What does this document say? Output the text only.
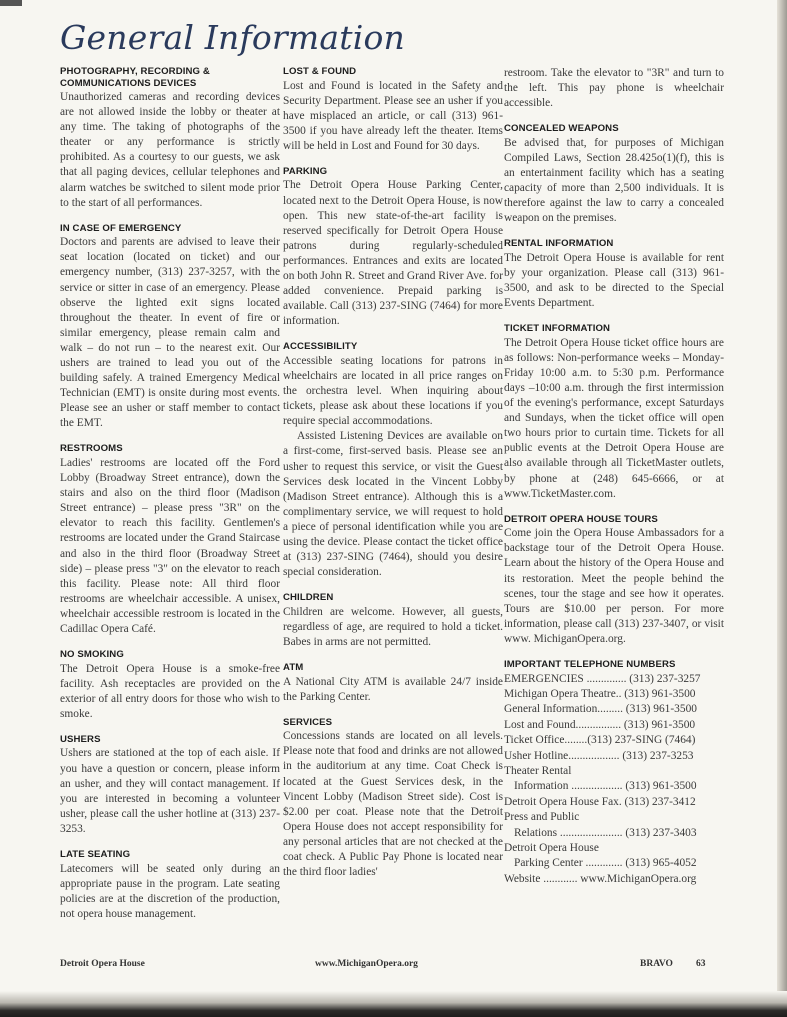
General Information
PHOTOGRAPHY, RECORDING & COMMUNICATIONS DEVICES

Unauthorized cameras and recording devices are not allowed inside the lobby or theater at any time. The taking of photographs of the theater or any performance is strictly prohibited. As a courtesy to our guests, we ask that all paging devices, cellular telephones and alarm watches be switched to silent mode prior to the start of all performances.

IN CASE OF EMERGENCY

Doctors and parents are advised to leave their seat location (located on ticket) and our emergency number, (313) 237-3257, with the service or sitter in case of an emergency. Please observe the lighted exit signs located throughout the theater. In event of fire or similar emergency, please remain calm and walk – do not run – to the nearest exit. Our ushers are trained to lead you out of the building safely. A trained Emergency Medical Technician (EMT) is onsite during most events. Please see an usher or staff member to contact the EMT.

RESTROOMS

Ladies' restrooms are located off the Ford Lobby (Broadway Street entrance), down the stairs and also on the third floor (Madison Street entrance) – please press "3R" on the elevator to reach this facility. Gentlemen's restrooms are located under the Grand Staircase and also in the third floor (Broadway Street side) – please press "3" on the elevator to reach this facility. Please note: All third floor restrooms are wheelchair accessible. A unisex, wheelchair accessible restroom is located in the Cadillac Opera Café.

NO SMOKING

The Detroit Opera House is a smoke-free facility. Ash receptacles are provided on the exterior of all entry doors for those who wish to smoke.

USHERS

Ushers are stationed at the top of each aisle. If you have a question or concern, please inform an usher, and they will contact management. If you are interested in becoming a volunteer usher, please call the usher hotline at (313) 237-3253.

LATE SEATING

Latecomers will be seated only during an appropriate pause in the program. Late seating policies are at the discretion of the production, not opera house management.

LOST & FOUND

Lost and Found is located in the Safety and Security Department. Please see an usher if you have misplaced an article, or call (313) 961-3500 if you have already left the theater. Items will be held in Lost and Found for 30 days.

PARKING

The Detroit Opera House Parking Center, located next to the Detroit Opera House, is now open. This new state-of-the-art facility is reserved specifically for Detroit Opera House patrons during regularly-scheduled performances. Entrances and exits are located on both John R. Street and Grand River Ave. for added convenience. Prepaid parking is available. Call (313) 237-SING (7464) for more information.

ACCESSIBILITY

Accessible seating locations for patrons in wheelchairs are located in all price ranges on the orchestra level. When inquiring about tickets, please ask about these locations if you require special accommodations.

Assisted Listening Devices are available on a first-come, first-served basis. Please see an usher to request this service, or visit the Guest Services desk located in the Vincent Lobby (Madison Street entrance). Although this is a complimentary service, we will request to hold a piece of personal identification while you are using the device. Please contact the ticket office at (313) 237-SING (7464), should you desire special consideration.

CHILDREN

Children are welcome. However, all guests, regardless of age, are required to hold a ticket. Babes in arms are not permitted.

ATM

A National City ATM is available 24/7 inside the Parking Center.

SERVICES

Concessions stands are located on all levels. Please note that food and drinks are not allowed in the auditorium at any time. Coat Check is located at the Guest Services desk, in the Vincent Lobby (Madison Street side). Cost is $2.00 per coat. Please note that the Detroit Opera House does not accept responsibility for any personal articles that are not checked at the coat check. A Public Pay Phone is located near the third floor ladies'

restroom. Take the elevator to "3R" and turn to the left. This pay phone is wheelchair accessible.

CONCEALED WEAPONS

Be advised that, for purposes of Michigan Compiled Laws, Section 28.425o(1)(f), this is an entertainment facility which has a seating capacity of more than 2,500 individuals. It is therefore against the law to carry a concealed weapon on the premises.

RENTAL INFORMATION

The Detroit Opera House is available for rent by your organization. Please call (313) 961-3500, and ask to be directed to the Special Events Department.

TICKET INFORMATION

The Detroit Opera House ticket office hours are as follows: Non-performance weeks – Monday-Friday 10:00 a.m. to 5:30 p.m. Performance days –10:00 a.m. through the first intermission of the evening's performance, except Saturdays and Sundays, when the ticket office will open two hours prior to curtain time. Tickets for all public events at the Detroit Opera House are also available through all TicketMaster outlets, by phone at (248) 645-6666, or at www.TicketMaster.com.

DETROIT OPERA HOUSE TOURS

Come join the Opera House Ambassadors for a backstage tour of the Detroit Opera House. Learn about the history of the Opera House and its restoration. Meet the people behind the scenes, tour the stage and see how it operates. Tours are $10.00 per person. For more information, please call (313) 237-3407, or visit www. MichiganOpera.org.

IMPORTANT TELEPHONE NUMBERS
EMERGENCIES .............. (313) 237-3257
Michigan Opera Theatre.. (313) 961-3500
General Information......... (313) 961-3500
Lost and Found................ (313) 961-3500
Ticket Office........(313) 237-SING (7464)
Usher Hotline.................. (313) 237-3253
Theater Rental
Information .................. (313) 961-3500
Detroit Opera House Fax. (313) 237-3412
Press and Public
Relations ...................... (313) 237-3403
Detroit Opera House
Parking Center ............. (313) 965-4052
Website ............ www.MichiganOpera.org
Detroit Opera House	www.MichiganOpera.org	BRAVO 63
